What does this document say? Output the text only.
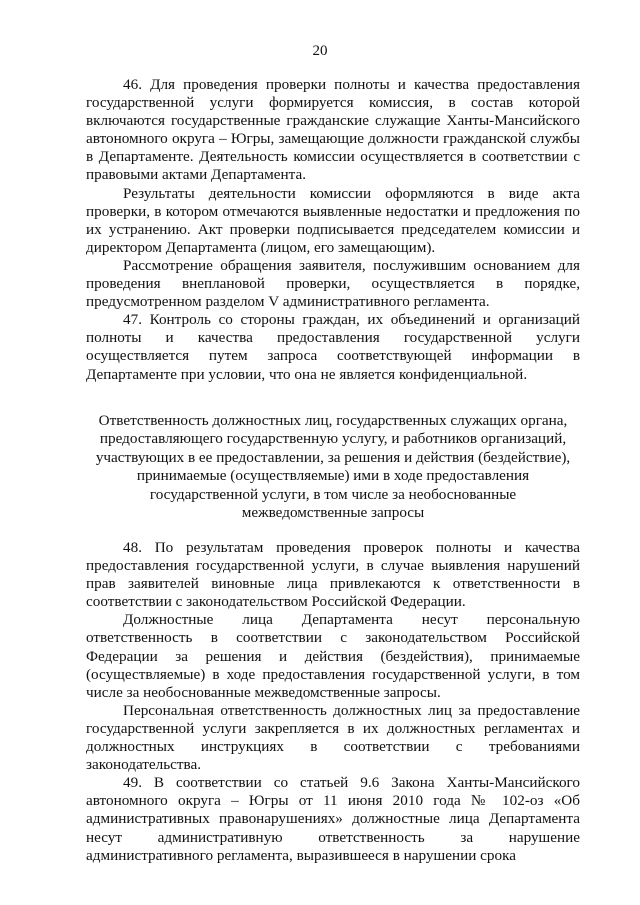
20

46. Для проведения проверки полноты и качества предоставления государственной услуги формируется комиссия, в состав которой включаются государственные гражданские служащие Ханты-Мансийского автономного округа – Югры, замещающие должности гражданской службы в Департаменте. Деятельность комиссии осуществляется в соответствии с правовыми актами Департамента.

Результаты деятельности комиссии оформляются в виде акта проверки, в котором отмечаются выявленные недостатки и предложения по их устранению. Акт проверки подписывается председателем комиссии и директором Департамента (лицом, его замещающим).

Рассмотрение обращения заявителя, послужившим основанием для проведения внеплановой проверки, осуществляется в порядке, предусмотренном разделом V административного регламента.

47. Контроль со стороны граждан, их объединений и организаций полноты и качества предоставления государственной услуги осуществляется путем запроса соответствующей информации в Департаменте при условии, что она не является конфиденциальной.

Ответственность должностных лиц, государственных служащих органа, предоставляющего государственную услугу, и работников организаций, участвующих в ее предоставлении, за решения и действия (бездействие), принимаемые (осуществляемые) ими в ходе предоставления государственной услуги, в том числе за необоснованные межведомственные запросы

48. По результатам проведения проверок полноты и качества предоставления государственной услуги, в случае выявления нарушений прав заявителей виновные лица привлекаются к ответственности в соответствии с законодательством Российской Федерации.

Должностные лица Департамента несут персональную ответственность в соответствии с законодательством Российской Федерации за решения и действия (бездействия), принимаемые (осуществляемые) в ходе предоставления государственной услуги, в том числе за необоснованные межведомственные запросы.

Персональная ответственность должностных лиц за предоставление государственной услуги закрепляется в их должностных регламентах и должностных инструкциях в соответствии с требованиями законодательства.

49. В соответствии со статьей 9.6 Закона Ханты-Мансийского автономного округа – Югры от 11 июня 2010 года № 102-оз «Об административных правонарушениях» должностные лица Департамента несут административную ответственность за нарушение административного регламента, выразившееся в нарушении срока
